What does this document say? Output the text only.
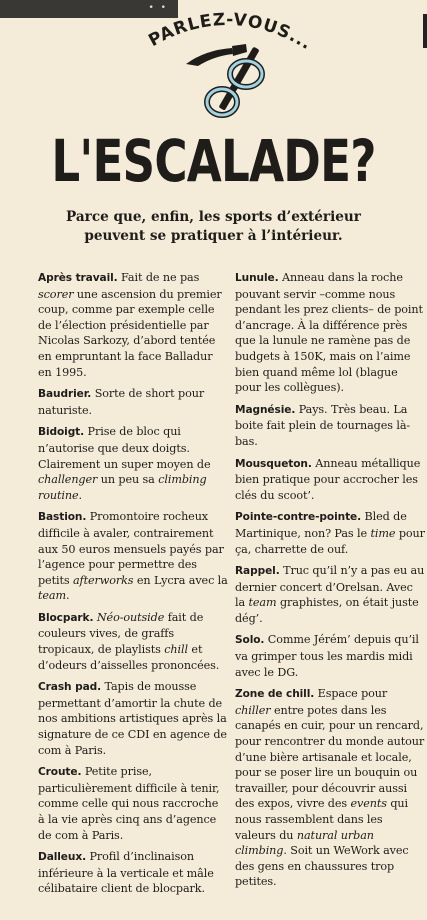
• •
PARLEZ-VOUS...
L'ESCALADE?
Parce que, enfin, les sports d’extérieur peuvent se pratiquer à l’intérieur.

Après travail. Fait de ne pas scorer une ascension du premier coup, comme par exemple celle de l’élection présidentielle par Nicolas Sarkozy, d’abord tentée en empruntant la face Balladur en 1995.

Baudrier. Sorte de short pour naturiste.

Bidoigt. Prise de bloc qui n’autorise que deux doigts. Clairement un super moyen de challenger un peu sa climbing routine.

Bastion. Promontoire rocheux difficile à avaler, contrairement aux 50 euros mensuels payés par l’agence pour permettre des petits afterworks en Lycra avec la team.

Blocpark. Néo-outside fait de couleurs vives, de graffs tropicaux, de playlists chill et d’odeurs d’aisselles prononcées.

Crash pad. Tapis de mousse permettant d’amortir la chute de nos ambitions artistiques après la signature de ce CDI en agence de com à Paris.

Croute. Petite prise, particulièrement difficile à tenir, comme celle qui nous raccroche à la vie après cinq ans d’agence de com à Paris.

Dalleux. Profil d’inclinaison inférieure à la verticale et mâle célibataire client de blocpark.

Lunule. Anneau dans la roche pouvant servir –comme nous pendant les prez clients– de point d’ancrage. À la différence près que la lunule ne ramène pas de budgets à 150K, mais on l’aime bien quand même lol (blague pour les collègues).

Magnésie. Pays. Très beau. La boite fait plein de tournages là-bas.

Mousqueton. Anneau métallique bien pratique pour accrocher les clés du scoot’.

Pointe-contre-pointe. Bled de Martinique, non? Pas le time pour ça, charrette de ouf.

Rappel. Truc qu’il n’y a pas eu au dernier concert d’Orelsan. Avec la team graphistes, on était juste dég’.

Solo. Comme Jérém’ depuis qu’il va grimper tous les mardis midi avec le DG.

Zone de chill. Espace pour chiller entre potes dans les canapés en cuir, pour un rencard, pour rencontrer du monde autour d’une bière artisanale et locale, pour se poser lire un bouquin ou travailler, pour découvrir aussi des expos, vivre des events qui nous rassemblent dans les valeurs du natural urban climbing. Soit un WeWork avec des gens en chaussures trop petites.
